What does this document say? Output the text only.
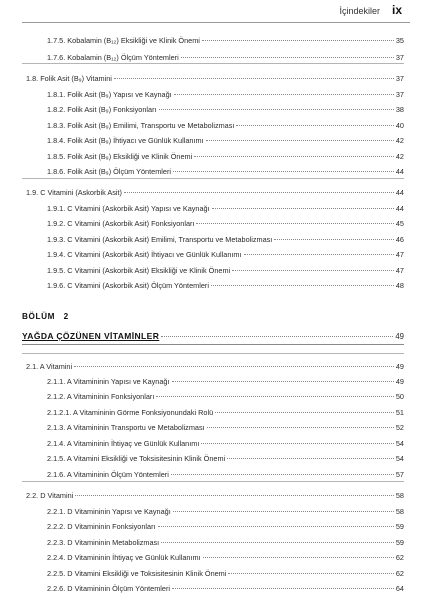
İçindekiler ix
1.7.5. Kobalamin (B₁₂) Eksikliği ve Klinik Önemi	35
1.7.6. Kobalamin (B₁₂) Ölçüm Yöntemleri	37
1.8. Folik Asit (B₉) Vitamini	37
1.8.1. Folik Asit (B₉) Yapısı ve Kaynağı	37
1.8.2. Folik Asit (B₉) Fonksiyonları	38
1.8.3. Folik Asit (B₉) Emilimi, Transportu ve Metabolizması	40
1.8.4. Folik Asit (B₉) İhtiyacı ve Günlük Kullanımı	42
1.8.5. Folik Asit (B₉) Eksikliği ve Klinik Önemi	42
1.8.6. Folik Asit (B₉) Ölçüm Yöntemleri	44
1.9. C Vitamini (Askorbik Asit)	44
1.9.1. C Vitamini (Askorbik Asit) Yapısı ve Kaynağı	44
1.9.2. C Vitamini (Askorbik Asit) Fonksiyonları	45
1.9.3. C Vitamini (Askorbik Asit) Emilimi, Transportu ve Metabolizması	46
1.9.4. C Vitamini (Askorbik Asit) İhtiyacı ve Günlük Kullanımı	47
1.9.5. C Vitamini (Askorbik Asit) Eksikliği ve Klinik Önemi	47
1.9.6. C Vitamini (Askorbik Asit) Ölçüm Yöntemleri	48
BÖLÜM 2
YAĞDA ÇÖZÜNEN VİTAMİNLER	49
2.1. A Vitamini	49
2.1.1. A Vitamininin Yapısı ve Kaynağı	49
2.1.2. A Vitamininin Fonksiyonları	50
2.1.2.1. A Vitamininin Görme Fonksiyonundaki Rolü	51
2.1.3. A Vitamininin Transportu ve Metabolizması	52
2.1.4. A Vitamininin İhtiyaç ve Günlük Kullanımı	54
2.1.5. A Vitamini Eksikliği ve Toksisitesinin Klinik Önemi	54
2.1.6. A Vitamininin Ölçüm Yöntemleri	57
2.2. D Vitamini	58
2.2.1. D Vitamininin Yapısı ve Kaynağı	58
2.2.2. D Vitamininin Fonksiyonları	59
2.2.3. D Vitamininin Metabolizması	59
2.2.4. D Vitamininin İhtiyaç ve Günlük Kullanımı	62
2.2.5. D Vitamini Eksikliği ve Toksisitesinin Klinik Önemi	62
2.2.6. D Vitamininin Ölçüm Yöntemleri	64
